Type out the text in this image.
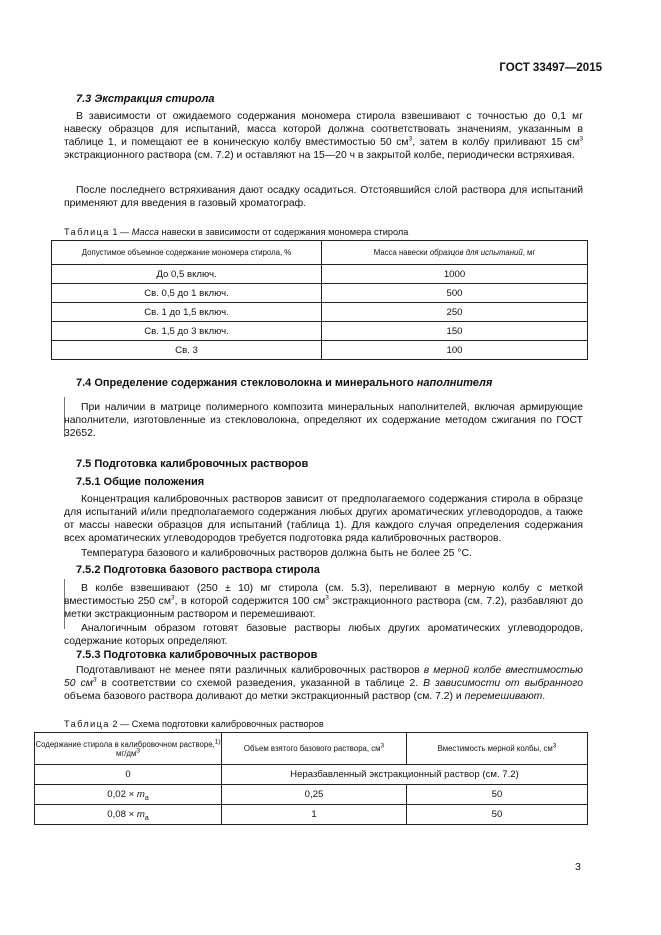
ГОСТ 33497—2015
7.3 Экстракция стирола

В зависимости от ожидаемого содержания мономера стирола взвешивают с точностью до 0,1 мг навеску образцов для испытаний, масса которой должна соответствовать значениям, указанным в таблице 1, и помещают ее в коническую колбу вместимостью 50 $см^3$, затем в колбу приливают 15 $см^3$ экстракционного раствора (см. 7.2) и оставляют на 15—20 ч в закрытой колбе, периодически встряхивая.

После последнего встряхивания дают осадку осадиться. Отстоявшийся слой раствора для испытаний применяют для введения в газовый хроматограф.

Таблица 1 — Масса навески в зависимости от содержания мономера стирола
Допустимое объемное содержание мономера стирола, %	Масса навески образцов для испытаний, мг
До 0,5 включ.	1000
Св. 0,5 до 1 включ.	500
Св. 1 до 1,5 включ.	250
Св. 1,5 до 3 включ.	150
Св. 3	100
7.4 Определение содержания стекловолокна и минерального наполнителя

При наличии в матрице полимерного композита минеральных наполнителей, включая армирующие наполнители, изготовленные из стекловолокна, определяют их содержание методом сжигания по ГОСТ 32652.

7.5 Подготовка калибровочных растворов
7.5.1 Общие положения

Концентрация калибровочных растворов зависит от предполагаемого содержания стирола в образце для испытаний и/или предполагаемого содержания любых других ароматических углеводородов, а также от массы навески образцов для испытаний (таблица 1). Для каждого случая определения содержания всех ароматических углеводородов требуется подготовка ряда калибровочных растворов.

Температура базового и калибровочных растворов должна быть не более 25 °C.

7.5.2 Подготовка базового раствора стирола

В колбе взвешивают (250 ± 10) мг стирола (см. 5.3), переливают в мерную колбу с меткой вместимостью 250 $см^3$, в которой содержится 100 $см^3$ экстракционного раствора (см. 7.2), разбавляют до метки экстракционным раствором и перемешивают.

Аналогичным образом готовят базовые растворы любых других ароматических углеводородов, содержание которых определяют.

7.5.3 Подготовка калибровочных растворов

Подготавливают не менее пяти различных калибровочных растворов в мерной колбе вместимостью 50 $см^3$ в соответствии со схемой разведения, указанной в таблице 2. В зависимости от выбранного объема базового раствора доливают до метки экстракционный раствор (см. 7.2) и перемешивают.

Таблица 2 — Схема подготовки калибровочных растворов
Содержание стирола в калибровочном растворе,$^{1)}$ $мг/дм^3$	Объем взятого базового раствора, $см^3$	Вместимость мерной колбы, $см^3$
0	Неразбавленный экстракционный раствор (см. 7.2)	
$0,02 \times m_a$	0,25	50
$0,08 \times m_a$	1	50
3
